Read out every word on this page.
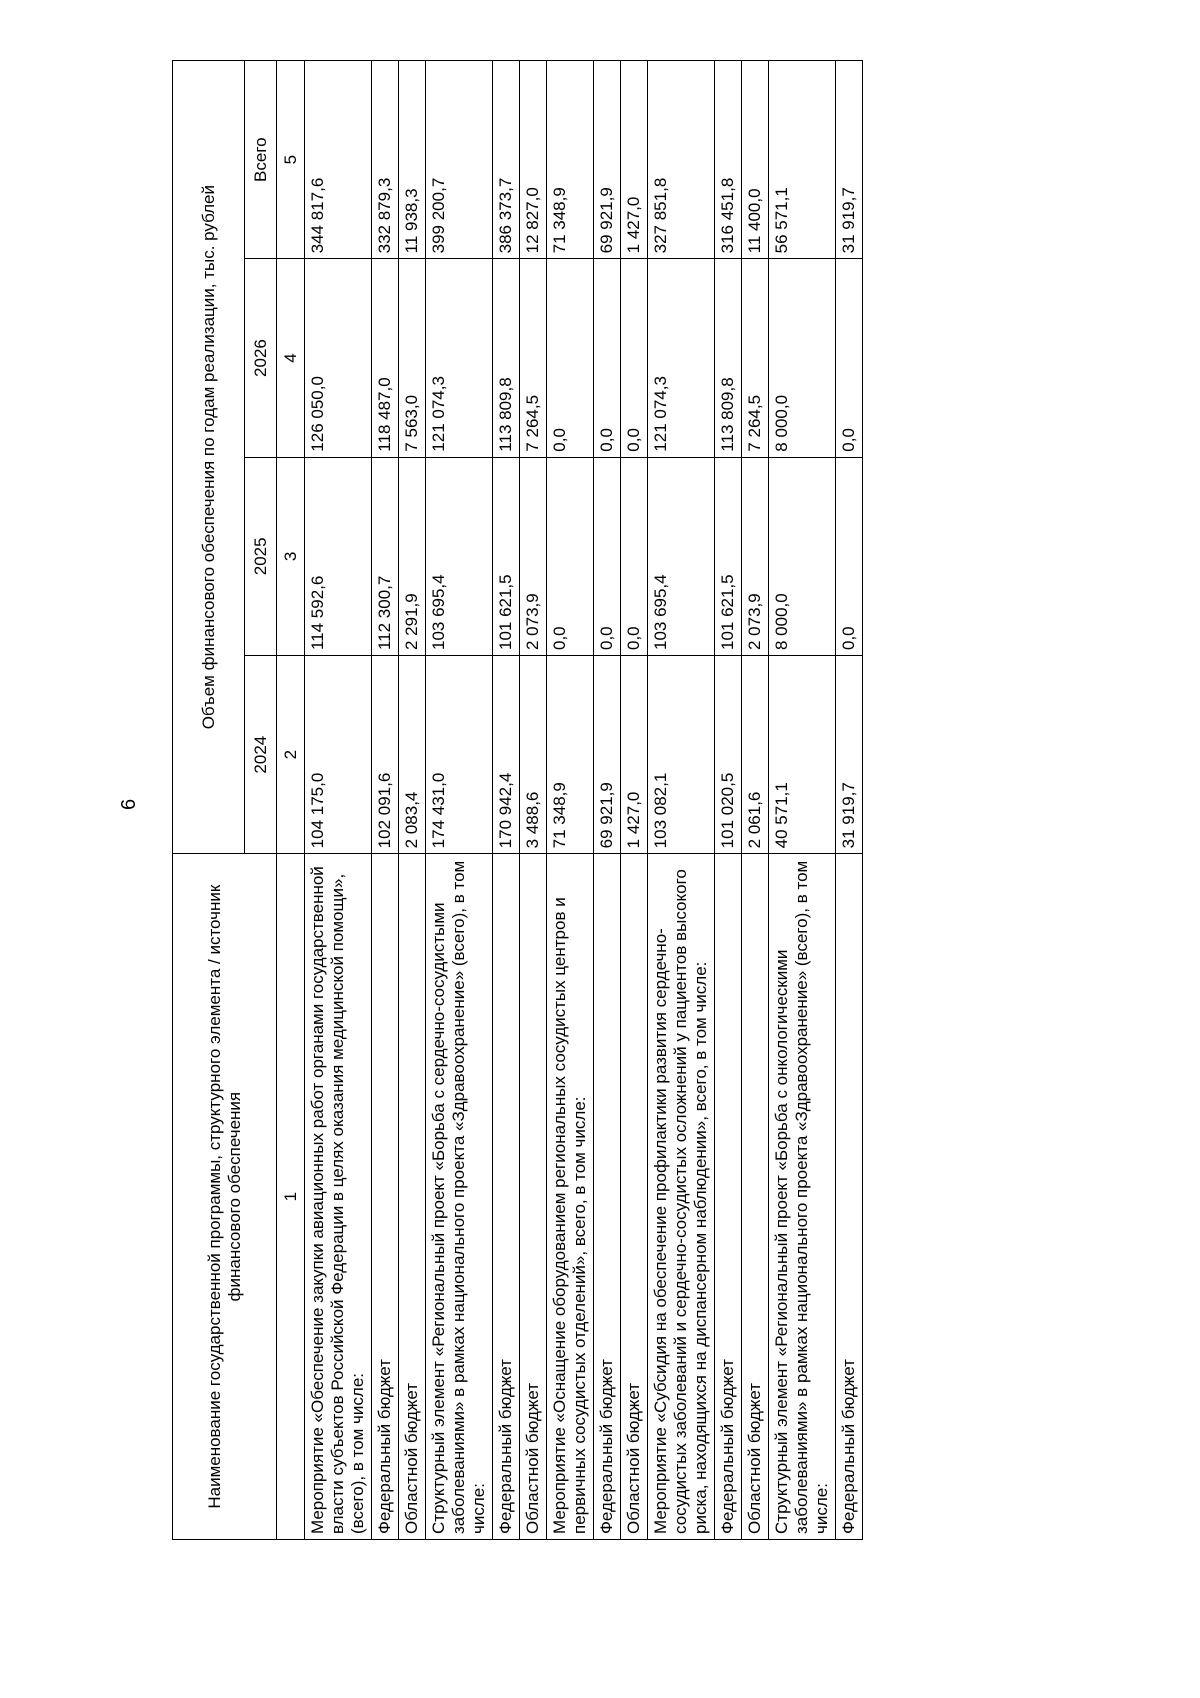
6
Наименование государственной программы, структурного элемента / источник финансового обеспечения	Объем финансового обеспечения по годам реализации, тыс. рублей			
	2024	2025	2026	Всего
1	2	3	4	5
Мероприятие «Обеспечение закупки авиационных работ органами государственной власти субъектов Российской Федерации в целях оказания медицинской помощи», (всего), в том числе:	104 175,0	114 592,6	126 050,0	344 817,6
Федеральный бюджет	102 091,6	112 300,7	118 487,0	332 879,3
Областной бюджет	2 083,4	2 291,9	7 563,0	11 938,3
Структурный элемент «Региональный проект «Борьба с сердечно-сосудистыми заболеваниями» в рамках национального проекта «Здравоохранение» (всего), в том числе:	174 431,0	103 695,4	121 074,3	399 200,7
Федеральный бюджет	170 942,4	101 621,5	113 809,8	386 373,7
Областной бюджет	3 488,6	2 073,9	7 264,5	12 827,0
Мероприятие «Оснащение оборудованием региональных сосудистых центров и первичных сосудистых отделений», всего, в том числе:	71 348,9	0,0	0,0	71 348,9
Федеральный бюджет	69 921,9	0,0	0,0	69 921,9
Областной бюджет	1 427,0	0,0	0,0	1 427,0
Мероприятие «Субсидия на обеспечение профилактики развития сердечно-сосудистых заболеваний и сердечно-сосудистых осложнений у пациентов высокого риска, находящихся на диспансерном наблюдении», всего, в том числе:	103 082,1	103 695,4	121 074,3	327 851,8
Федеральный бюджет	101 020,5	101 621,5	113 809,8	316 451,8
Областной бюджет	2 061,6	2 073,9	7 264,5	11 400,0
Структурный элемент «Региональный проект «Борьба с онкологическими заболеваниями» в рамках национального проекта «Здравоохранение» (всего), в том числе:	40 571,1	8 000,0	8 000,0	56 571,1
Федеральный бюджет	31 919,7	0,0	0,0	31 919,7
